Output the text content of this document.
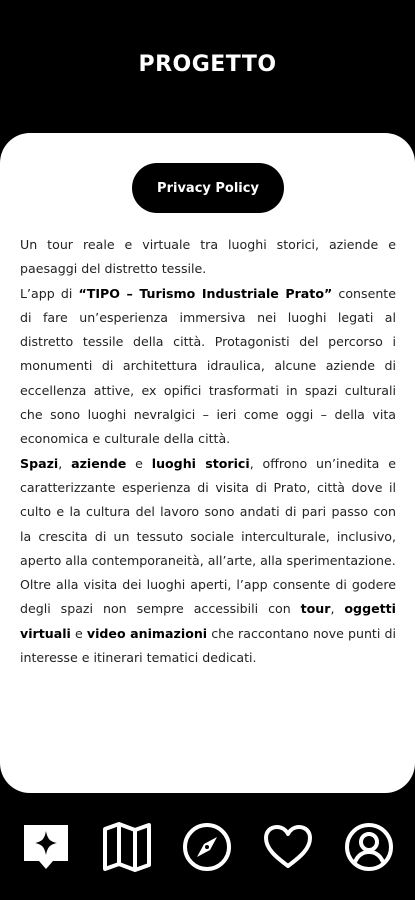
PROGETTO
Privacy Policy

Un tour reale e virtuale tra luoghi storici, aziende e paesaggi del distretto tessile.

L’app di “TIPO – Turismo Industriale Prato” consente di fare un’esperienza immersiva nei luoghi legati al distretto tessile della città. Protagonisti del percorso i monumenti di architettura idraulica, alcune aziende di eccellenza attive, ex opifici trasformati in spazi culturali che sono luoghi nevralgici – ieri come oggi – della vita economica e culturale della città.

Spazi, aziende e luoghi storici, offrono un’inedita e caratterizzante esperienza di visita di Prato, città dove il culto e la cultura del lavoro sono andati di pari passo con la crescita di un tessuto sociale interculturale, inclusivo, aperto alla contemporaneità, all’arte, alla sperimentazione.

Oltre alla visita dei luoghi aperti, l’app consente di godere degli spazi non sempre accessibili con tour, oggetti virtuali e video animazioni che raccontano nove punti di interesse e itinerari tematici dedicati.
